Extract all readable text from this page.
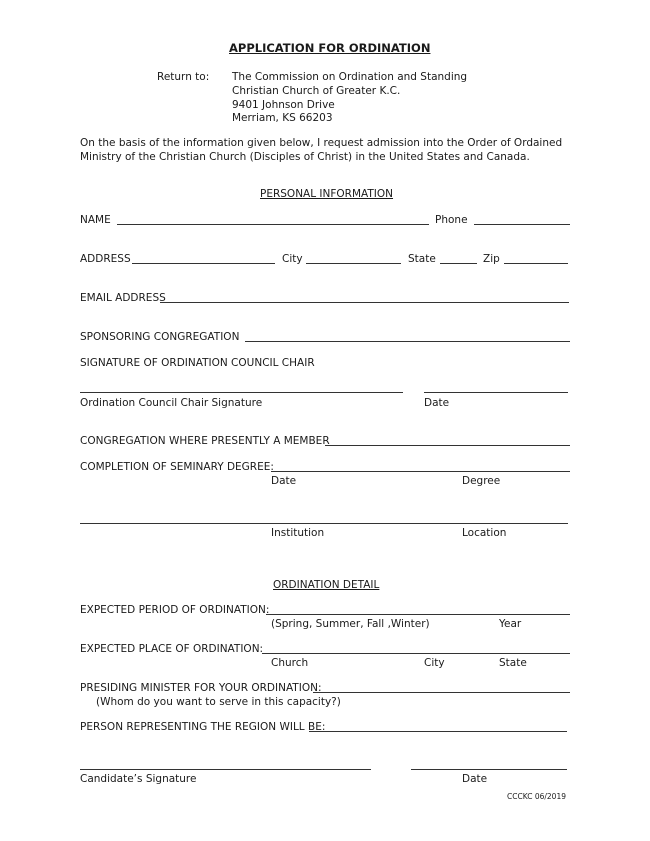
APPLICATION FOR ORDINATION
Return to: The Commission on Ordination and Standing
Christian Church of Greater K.C.
9401 Johnson Drive
Merriam, KS 66203
On the basis of the information given below, I request admission into the Order of Ordained
Ministry of the Christian Church (Disciples of Christ) in the United States and Canada.
PERSONAL INFORMATION
NAME	Phone
ADDRESS	City	State	Zip
EMAIL ADDRESS
SPONSORING CONGREGATION
SIGNATURE OF ORDINATION COUNCIL CHAIR
Ordination Council Chair Signature	Date
CONGREGATION WHERE PRESENTLY A MEMBER
COMPLETION OF SEMINARY DEGREE:
Date	Degree
Institution	Location
ORDINATION DETAIL
EXPECTED PERIOD OF ORDINATION:
(Spring, Summer, Fall ,Winter)	Year
EXPECTED PLACE OF ORDINATION:
Church	City	State
PRESIDING MINISTER FOR YOUR ORDINATION:
(Whom do you want to serve in this capacity?)
PERSON REPRESENTING THE REGION WILL BE:
Candidate’s Signature	Date
CCCKC 06/2019
